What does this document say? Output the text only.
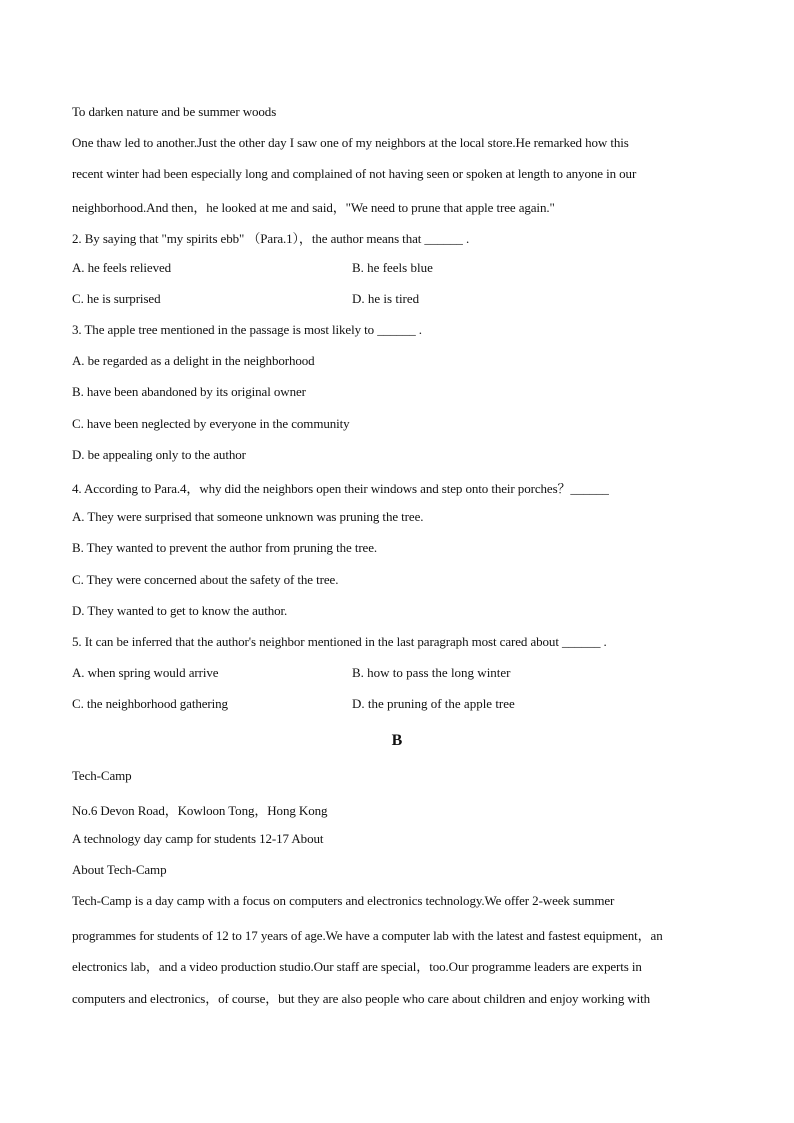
To darken nature and be summer woods
One thaw led to another.Just the other day I saw one of my neighbors at the local store.He remarked how this
recent winter had been especially long and complained of not having seen or spoken at length to anyone in our
neighborhood.And then，he looked at me and said，"We need to prune that apple tree again."
2. By saying that "my spirits ebb" （Para.1），the author means that ______ .
A. he feels relieved	B. he feels blue
C. he is surprised	D. he is tired
3. The apple tree mentioned in the passage is most likely to ______ .
A. be regarded as a delight in the neighborhood
B. have been abandoned by its original owner
C. have been neglected by everyone in the community
D. be appealing only to the author
4. According to Para.4，why did the neighbors open their windows and step onto their porches？______
A. They were surprised that someone unknown was pruning the tree.
B. They wanted to prevent the author from pruning the tree.
C. They were concerned about the safety of the tree.
D. They wanted to get to know the author.
5. It can be inferred that the author's neighbor mentioned in the last paragraph most cared about ______ .
A. when spring would arrive	B. how to pass the long winter
C. the neighborhood gathering	D. the pruning of the apple tree
B
Tech-Camp
No.6 Devon Road，Kowloon Tong，Hong Kong
A technology day camp for students 12-17 About
About Tech-Camp
Tech-Camp is a day camp with a focus on computers and electronics technology.We offer 2-week summer
programmes for students of 12 to 17 years of age.We have a computer lab with the latest and fastest equipment，an
electronics lab，and a video production studio.Our staff are special，too.Our programme leaders are experts in
computers and electronics，of course，but they are also people who care about children and enjoy working with
